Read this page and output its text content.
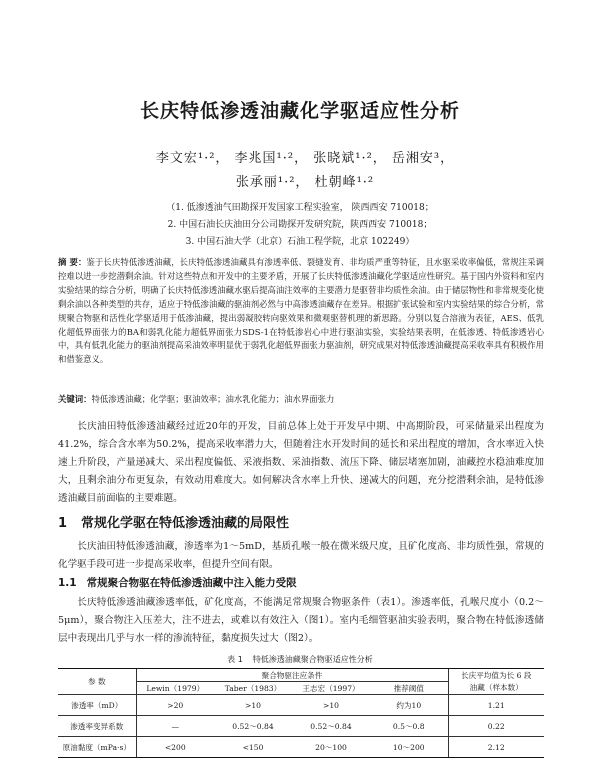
长庆特低渗透油藏化学驱适应性分析
李文宏¹·²， 李兆国¹·²， 张晓斌¹·²， 岳湘安³，
张承丽¹·²， 杜朝峰¹·²
（1. 低渗透油气田勘探开发国家工程实验室， 陕西西安 710018；
2. 中国石油长庆油田分公司勘探开发研究院，陕西西安 710018；
3. 中国石油大学（北京）石油工程学院，北京 102249）
摘 要：鉴于长庆特低渗透油藏，长庆特低渗透油藏具有渗透率低、裂缝发育、非均质严重等特征，且水驱采收率偏低，常规注采调控难以进一步挖潜剩余油。针对这些特点和开发中的主要矛盾，开展了长庆特低渗透油藏化学驱适应性研究。基于国内外资料和室内实验结果的综合分析，明确了长庆特低渗透油藏水驱后提高油注效率的主要潜力是驱替非均质性余油。由于储层物性和非常规变化使剩余油以各种类型的共存，适应于特低渗油藏的驱油剂必然与中高渗透油藏存在差异。根据扩张试验和室内实验结果的综合分析，常规聚合物驱和活性化学驱适用于低渗油藏，提出弱凝胶转向驱效果和微观驱替机理的新思路。分别以复合溶液为表征，AES、低乳化超低界面张力的BA和弱乳化能力超低界面张力SDS-1在特低渗岩心中进行驱油实验，实验结果表明，在低渗透、特低渗透岩心中，具有低乳化能力的驱油剂提高采油效率明显优于弱乳化超低界面张力驱油剂，研究成果对特低渗透油藏提高采收率具有积极作用和借鉴意义。
关键词：特低渗透油藏；化学驱；驱油效率；油水乳化能力；油水界面张力
长庆油田特低渗透油藏经过近20年的开发，目前总体上处于开发早中期、中高期阶段，可采储量采出程度为41.2%，综合含水率为50.2%，提高采收率潜力大，但随着注水开发时间的延长和采出程度的增加，含水率近入快速上升阶段，产量递减大、采出程度偏低、采液指数、采油指数、流压下降、储层堵塞加剧，油藏控水稳油难度加大，且剩余油分布更复杂，有效动用难度大。如何解决含水率上升快、递减大的问题，充分挖潜剩余油，是特低渗透油藏目前面临的主要难题。
1 常规化学驱在特低渗透油藏的局限性
长庆油田特低渗透油藏，渗透率为1～5mD，基质孔喉一般在微米级尺度，且矿化度高、非均质性强，常规的化学驱手段可进一步提高采收率，但提升空间有限。
1.1 常规聚合物驱在特低渗透油藏中注入能力受限
长庆特低渗透油藏渗透率低，矿化度高，不能满足常规聚合物驱条件（表1）。渗透率低，孔喉尺度小（0.2～5μm），聚合物注入压差大，注不进去，或难以有效注入（图1）。室内毛细管驱油实验表明，聚合物在特低渗透储层中表现出几乎与水一样的渗流特征，黏度损失过大（图2）。
表 1 特低渗透油藏聚合物驱适应性分析
参 数	聚合物驱注应条件				长庆平均值为长 6 段
	Lewin（1979）	Taber（1983）	王志宏（1997）	推荐阈值	油藏（样本数）
渗透率（mD）	>20	>10	>10	约为10	1.21
渗透率变异系数	—	0.52～0.84	0.52～0.84	0.5～0.8	0.22
原油黏度（mPa·s）	<200	<150	20～100	10～200	2.12
